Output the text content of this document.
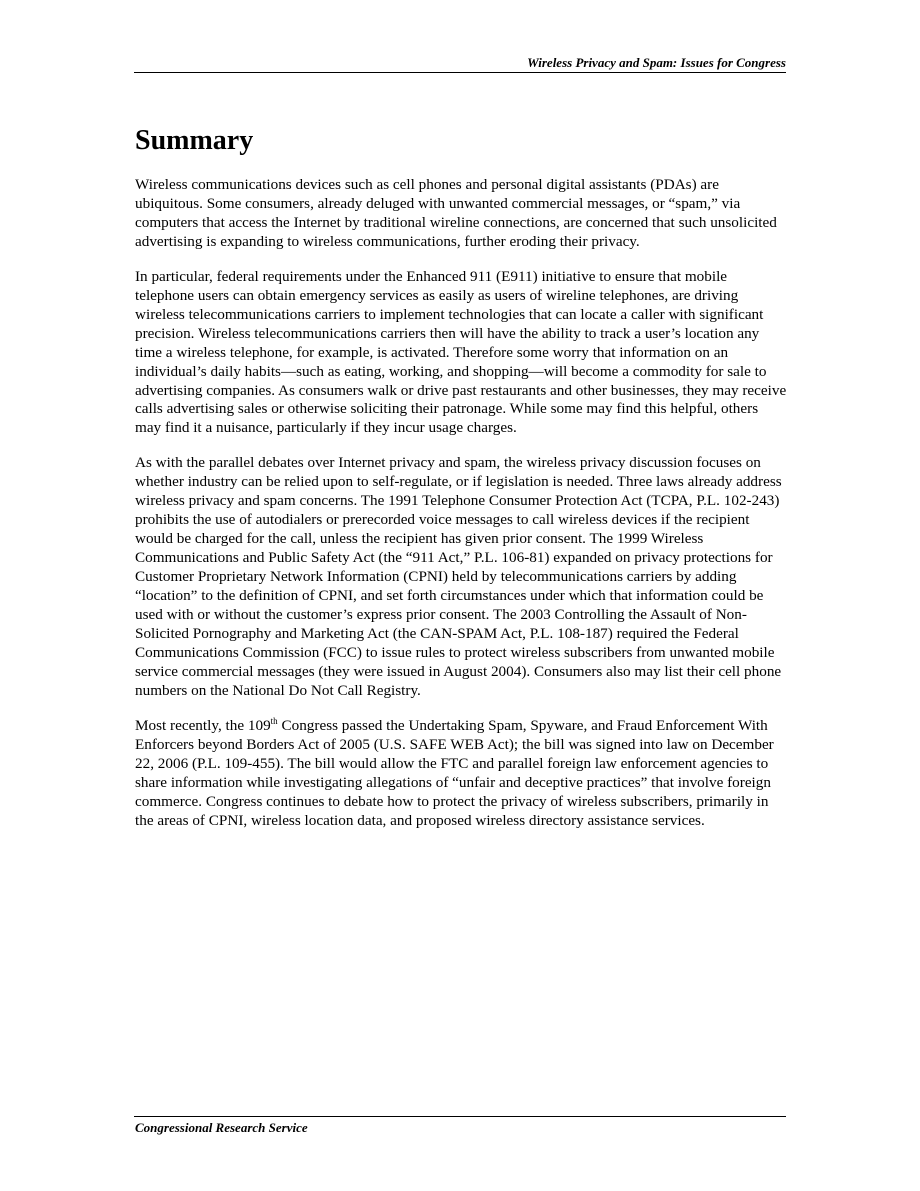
Wireless Privacy and Spam: Issues for Congress
Summary

Wireless communications devices such as cell phones and personal digital assistants (PDAs) are ubiquitous. Some consumers, already deluged with unwanted commercial messages, or “spam,” via computers that access the Internet by traditional wireline connections, are concerned that such unsolicited advertising is expanding to wireless communications, further eroding their privacy.

In particular, federal requirements under the Enhanced 911 (E911) initiative to ensure that mobile telephone users can obtain emergency services as easily as users of wireline telephones, are driving wireless telecommunications carriers to implement technologies that can locate a caller with significant precision. Wireless telecommunications carriers then will have the ability to track a user’s location any time a wireless telephone, for example, is activated. Therefore some worry that information on an individual’s daily habits—such as eating, working, and shopping—will become a commodity for sale to advertising companies. As consumers walk or drive past restaurants and other businesses, they may receive calls advertising sales or otherwise soliciting their patronage. While some may find this helpful, others may find it a nuisance, particularly if they incur usage charges.

As with the parallel debates over Internet privacy and spam, the wireless privacy discussion focuses on whether industry can be relied upon to self-regulate, or if legislation is needed. Three laws already address wireless privacy and spam concerns. The 1991 Telephone Consumer Protection Act (TCPA, P.L. 102-243) prohibits the use of autodialers or prerecorded voice messages to call wireless devices if the recipient would be charged for the call, unless the recipient has given prior consent. The 1999 Wireless Communications and Public Safety Act (the “911 Act,” P.L. 106-81) expanded on privacy protections for Customer Proprietary Network Information (CPNI) held by telecommunications carriers by adding “location” to the definition of CPNI, and set forth circumstances under which that information could be used with or without the customer’s express prior consent. The 2003 Controlling the Assault of Non-Solicited Pornography and Marketing Act (the CAN-SPAM Act, P.L. 108-187) required the Federal Communications Commission (FCC) to issue rules to protect wireless subscribers from unwanted mobile service commercial messages (they were issued in August 2004). Consumers also may list their cell phone numbers on the National Do Not Call Registry.

Most recently, the 109th Congress passed the Undertaking Spam, Spyware, and Fraud Enforcement With Enforcers beyond Borders Act of 2005 (U.S. SAFE WEB Act); the bill was signed into law on December 22, 2006 (P.L. 109-455). The bill would allow the FTC and parallel foreign law enforcement agencies to share information while investigating allegations of “unfair and deceptive practices” that involve foreign commerce. Congress continues to debate how to protect the privacy of wireless subscribers, primarily in the areas of CPNI, wireless location data, and proposed wireless directory assistance services.

Congressional Research Service
